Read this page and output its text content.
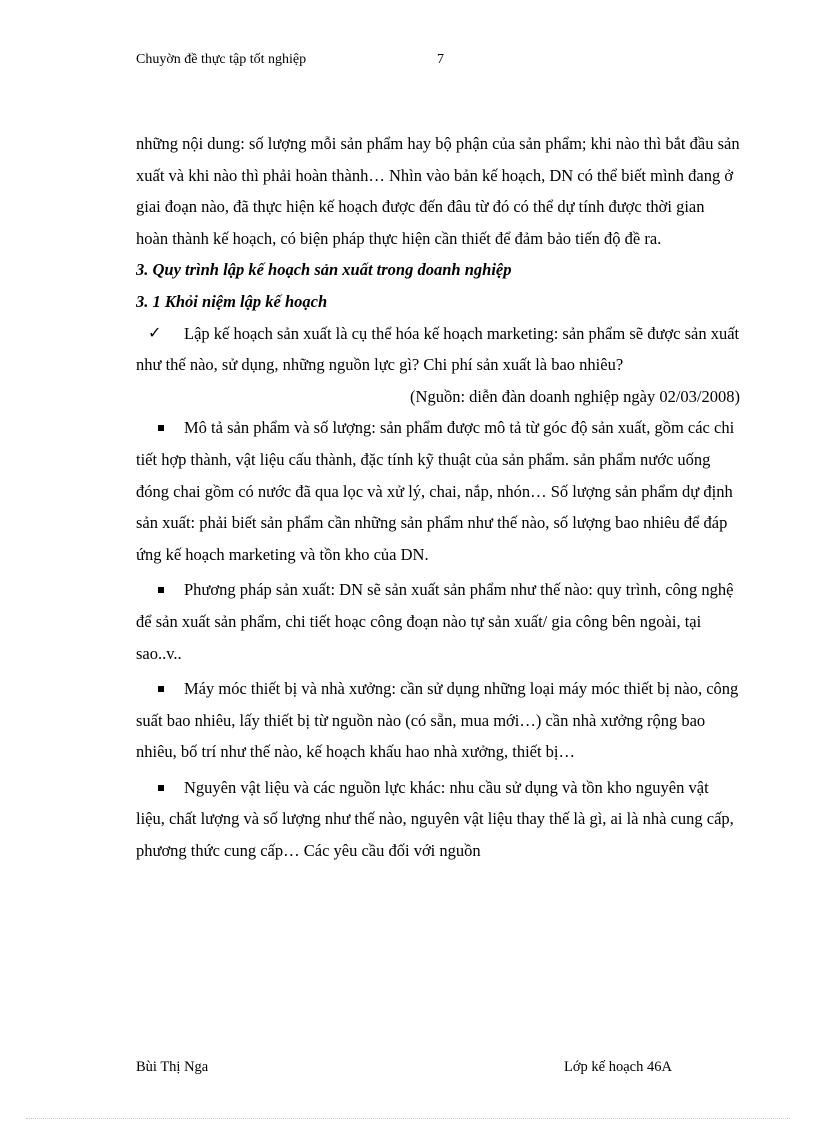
Chuyờn đề thực tập tốt nghiệp	7

những nội dung: số lượng mỗi sản phẩm hay bộ phận của sản phẩm; khi nào thì bắt đầu sản xuất và khi nào thì phải hoàn thành… Nhìn vào bản kế hoạch, DN có thể biết mình đang ở giai đoạn nào, đã thực hiện kế hoạch được đến đâu từ đó có thể dự tính được thời gian hoàn thành kế hoạch, có biện pháp thực hiện cần thiết để đảm bảo tiến độ đề ra.

3. Quy trình lập kế hoạch sản xuất trong doanh nghiệp

3. 1 Khỏi niệm lập kế hoạch

✓ Lập kế hoạch sản xuất là cụ thể hóa kế hoạch marketing: sản phẩm sẽ được sản xuất như thế nào, sử dụng, những nguồn lực gì? Chi phí sản xuất là bao nhiêu?

(Nguồn: diễn đàn doanh nghiệp ngày 02/03/2008)

Mô tả sản phẩm và số lượng: sản phẩm được mô tả từ góc độ sản xuất, gồm các chi tiết hợp thành, vật liệu cấu thành, đặc tính kỹ thuật của sản phẩm. sản phẩm nước uống đóng chai gồm có nước đã qua lọc và xử lý, chai, nắp, nhón… Số lượng sản phẩm dự định sản xuất: phải biết sản phẩm cần những sản phẩm như thế nào, số lượng bao nhiêu để đáp ứng kế hoạch marketing và tồn kho của DN.
Phương pháp sản xuất: DN sẽ sản xuất sản phẩm như thế nào: quy trình, công nghệ để sản xuất sản phẩm, chi tiết hoạc công đoạn nào tự sản xuất/ gia công bên ngoài, tại sao..v..
Máy móc thiết bị và nhà xưởng: cần sử dụng những loại máy móc thiết bị nào, công suất bao nhiêu, lấy thiết bị từ nguồn nào (có sẵn, mua mới…) cần nhà xưởng rộng bao nhiêu, bố trí như thế nào, kế hoạch khấu hao nhà xưởng, thiết bị…
Nguyên vật liệu và các nguồn lực khác: nhu cầu sử dụng và tồn kho nguyên vật liệu, chất lượng và số lượng như thế nào, nguyên vật liệu thay thế là gì, ai là nhà cung cấp, phương thức cung cấp… Các yêu cầu đối với nguồn
Bùi Thị Nga	Lớp kế hoạch 46A
